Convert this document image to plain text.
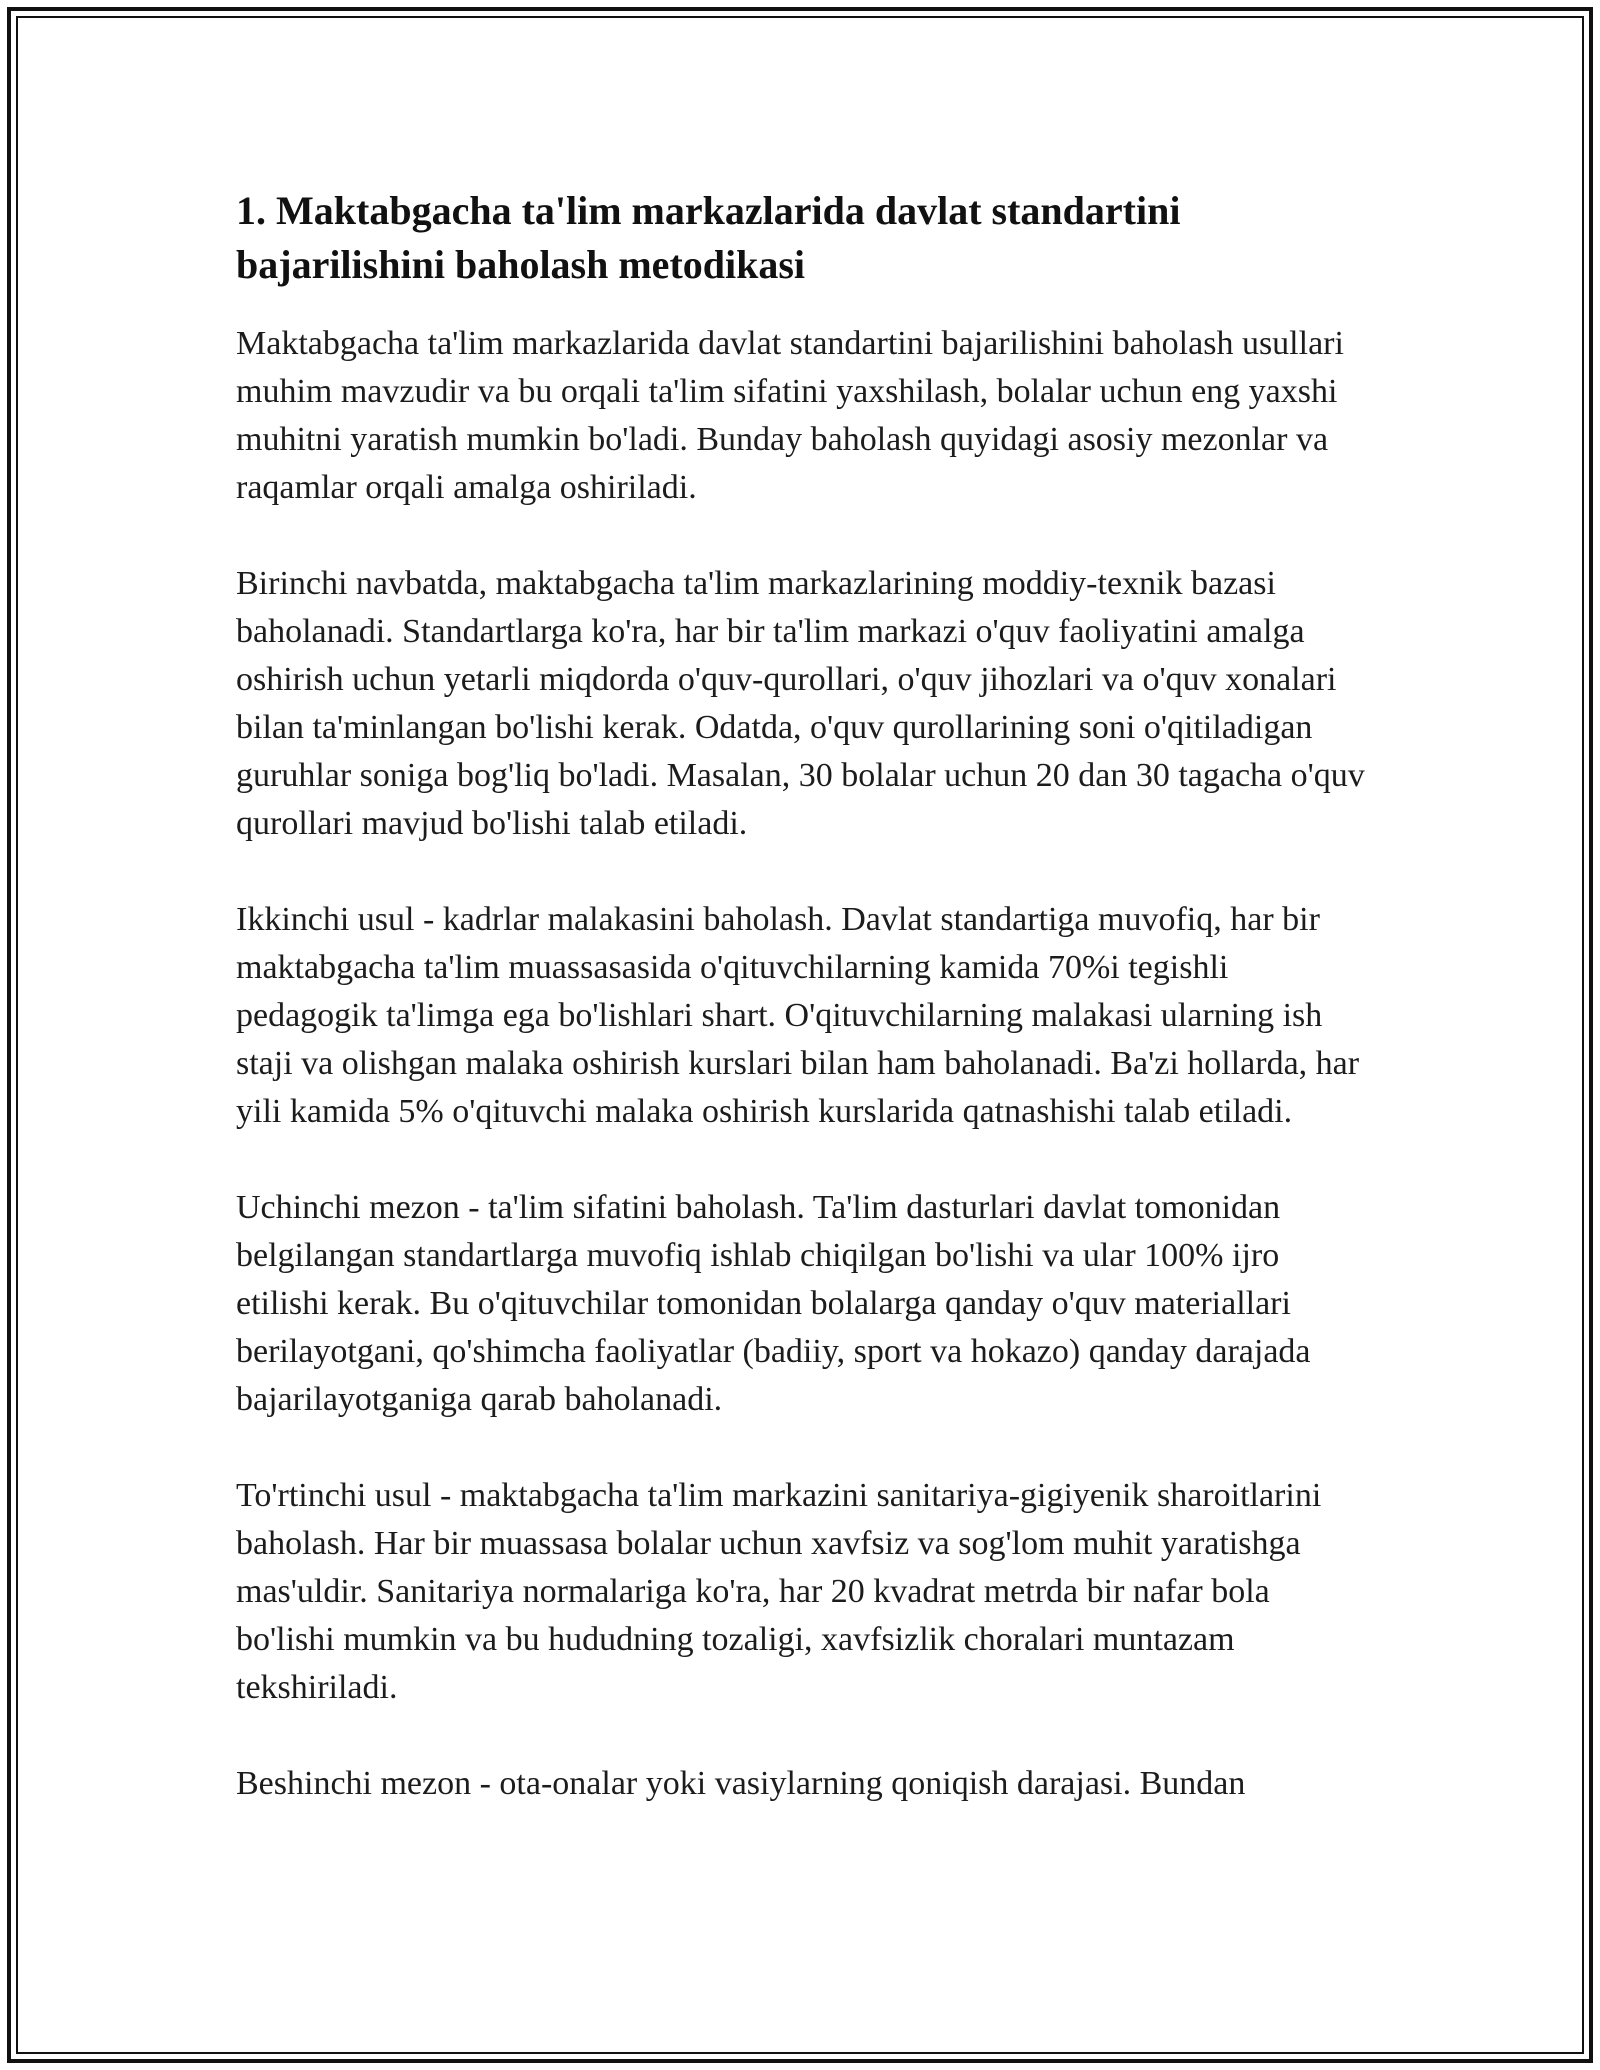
1. Maktabgacha ta'lim markazlarida davlat standartini
bajarilishini baholash metodikasi

Maktabgacha ta'lim markazlarida davlat standartini bajarilishini baholash usullari muhim mavzudir va bu orqali ta'lim sifatini yaxshilash, bolalar uchun eng yaxshi muhitni yaratish mumkin bo'ladi. Bunday baholash quyidagi asosiy mezonlar va raqamlar orqali amalga oshiriladi.

Birinchi navbatda, maktabgacha ta'lim markazlarining moddiy-texnik bazasi baholanadi. Standartlarga ko'ra, har bir ta'lim markazi o'quv faoliyatini amalga oshirish uchun yetarli miqdorda o'quv-qurollari, o'quv jihozlari va o'quv xonalari bilan ta'minlangan bo'lishi kerak. Odatda, o'quv qurollarining soni o'qitiladigan guruhlar soniga bog'liq bo'ladi. Masalan, 30 bolalar uchun 20 dan 30 tagacha o'quv qurollari mavjud bo'lishi talab etiladi.

Ikkinchi usul - kadrlar malakasini baholash. Davlat standartiga muvofiq, har bir maktabgacha ta'lim muassasasida o'qituvchilarning kamida 70%i tegishli pedagogik ta'limga ega bo'lishlari shart. O'qituvchilarning malakasi ularning ish staji va olishgan malaka oshirish kurslari bilan ham baholanadi. Ba'zi hollarda, har yili kamida 5% o'qituvchi malaka oshirish kurslarida qatnashishi talab etiladi.

Uchinchi mezon - ta'lim sifatini baholash. Ta'lim dasturlari davlat tomonidan belgilangan standartlarga muvofiq ishlab chiqilgan bo'lishi va ular 100% ijro etilishi kerak. Bu o'qituvchilar tomonidan bolalarga qanday o'quv materiallari berilayotgani, qo'shimcha faoliyatlar (badiiy, sport va hokazo) qanday darajada bajarilayotganiga qarab baholanadi.

To'rtinchi usul - maktabgacha ta'lim markazini sanitariya-gigiyenik sharoitlarini baholash. Har bir muassasa bolalar uchun xavfsiz va sog'lom muhit yaratishga mas'uldir. Sanitariya normalariga ko'ra, har 20 kvadrat metrda bir nafar bola bo'lishi mumkin va bu hududning tozaligi, xavfsizlik choralari muntazam tekshiriladi.

Beshinchi mezon - ota-onalar yoki vasiylarning qoniqish darajasi. Bundan
